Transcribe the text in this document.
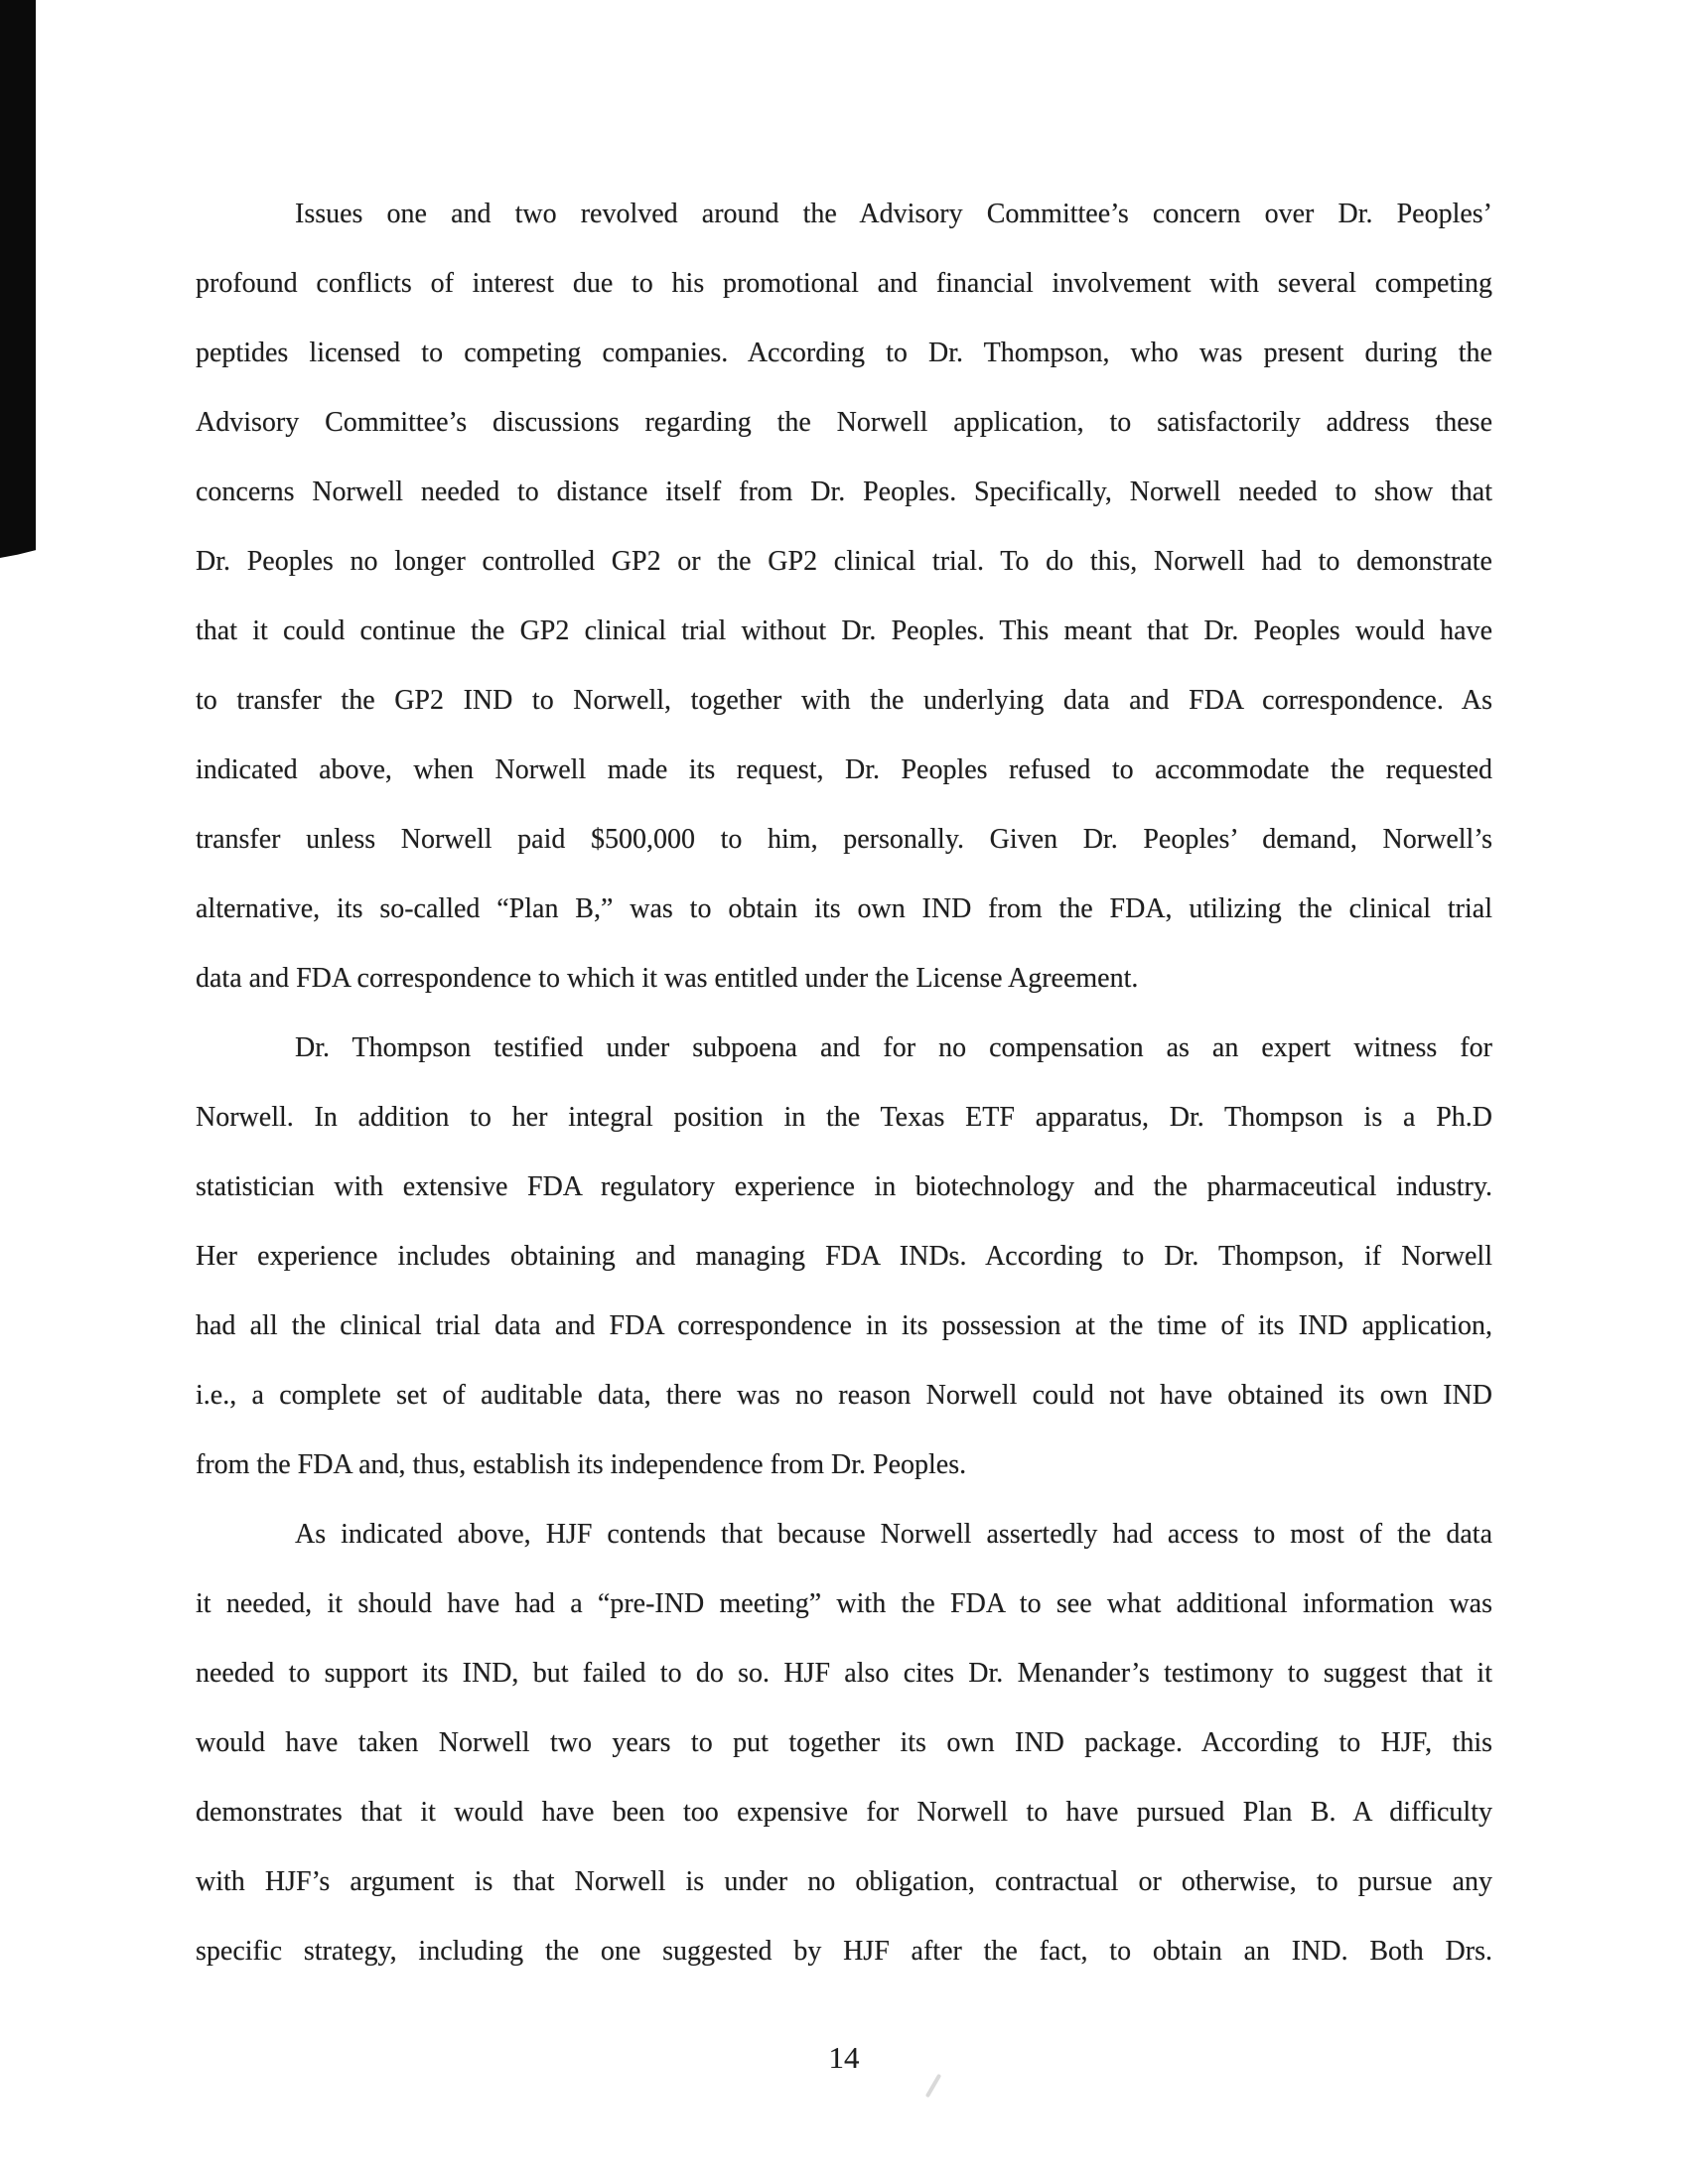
Issues one and two revolved around the Advisory Committee’s concern over Dr. Peoples’
profound conflicts of interest due to his promotional and financial involvement with several competing
peptides licensed to competing companies. According to Dr. Thompson, who was present during the
Advisory Committee’s discussions regarding the Norwell application, to satisfactorily address these
concerns Norwell needed to distance itself from Dr. Peoples. Specifically, Norwell needed to show that
Dr. Peoples no longer controlled GP2 or the GP2 clinical trial. To do this, Norwell had to demonstrate
that it could continue the GP2 clinical trial without Dr. Peoples. This meant that Dr. Peoples would have
to transfer the GP2 IND to Norwell, together with the underlying data and FDA correspondence. As
indicated above, when Norwell made its request, Dr. Peoples refused to accommodate the requested
transfer unless Norwell paid $500,000 to him, personally. Given Dr. Peoples’ demand, Norwell’s
alternative, its so-called “Plan B,” was to obtain its own IND from the FDA, utilizing the clinical trial
data and FDA correspondence to which it was entitled under the License Agreement.
Dr. Thompson testified under subpoena and for no compensation as an expert witness for
Norwell. In addition to her integral position in the Texas ETF apparatus, Dr. Thompson is a Ph.D
statistician with extensive FDA regulatory experience in biotechnology and the pharmaceutical industry.
Her experience includes obtaining and managing FDA INDs. According to Dr. Thompson, if Norwell
had all the clinical trial data and FDA correspondence in its possession at the time of its IND application,
i.e., a complete set of auditable data, there was no reason Norwell could not have obtained its own IND
from the FDA and, thus, establish its independence from Dr. Peoples.
As indicated above, HJF contends that because Norwell assertedly had access to most of the data
it needed, it should have had a “pre-IND meeting” with the FDA to see what additional information was
needed to support its IND, but failed to do so. HJF also cites Dr. Menander’s testimony to suggest that it
would have taken Norwell two years to put together its own IND package. According to HJF, this
demonstrates that it would have been too expensive for Norwell to have pursued Plan B. A difficulty
with HJF’s argument is that Norwell is under no obligation, contractual or otherwise, to pursue any
specific strategy, including the one suggested by HJF after the fact, to obtain an IND. Both Drs.
14
